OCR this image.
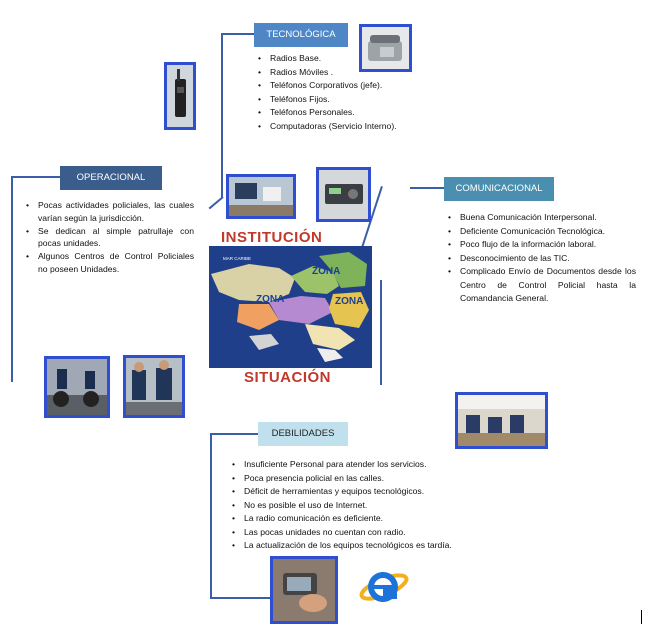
TECNOLÓGICA
OPERACIONAL
COMUNICACIONAL
DEBILIDADES
• Radios Base.
• Radios Móviles .
• Teléfonos Corporativos (jefe).
• Teléfonos Fijos.
• Teléfonos Personales.
• Computadoras (Servicio Interno).
• Pocas actividades policiales, las cuales varían según la jurisdicción.
• Se dedican al simple patrullaje con pocas unidades.
• Algunos Centros de Control Policiales no poseen Unidades.
• Buena Comunicación Interpersonal.
• Deficiente Comunicación Tecnológica.
• Poco flujo de la información laboral.
• Desconocimiento de las TIC.
• Complicado Envío de Documentos desde los Centro de Control Policial hasta la Comandancia General.
• Insuficiente Personal para atender los servicios.
• Poca presencia policial en las calles.
• Déficit de herramientas y equipos tecnológicos.
• No es posible el uso de Internet.
• La radio comunicación es deficiente.
• Las pocas unidades no cuentan con radio.
• La actualización de los equipos tecnológicos es tardía.
INSTITUCIÓN
SITUACIÓN
MAR CARIBE
ZONA
ZONA	ZONA
